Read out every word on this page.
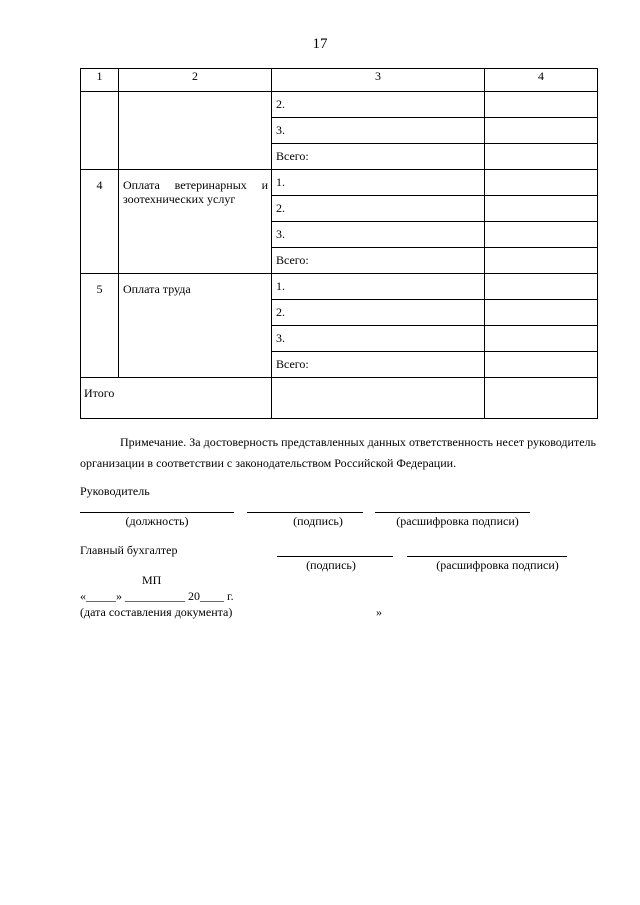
17
1	2	3	4
		2.	
		3.	
		Всего:	
4	Оплата ветеринарных и зоотехнических услуг	1.	
		2.	
		3.	
		Всего:	
5	Оплата труда	1.	
		2.	
		3.	
		Всего:	
Итого			

Примечание. За достоверность представленных данных ответственность несет руководитель организации в соответствии с законодательством Российской Федерации.

Руководитель
(должность)	(подпись)	(расшифровка подписи)
Главный бухгалтер
(подпись)	(расшифровка подписи)
МП
«_____» __________ 20____ г.
(дата составления документа)	»
